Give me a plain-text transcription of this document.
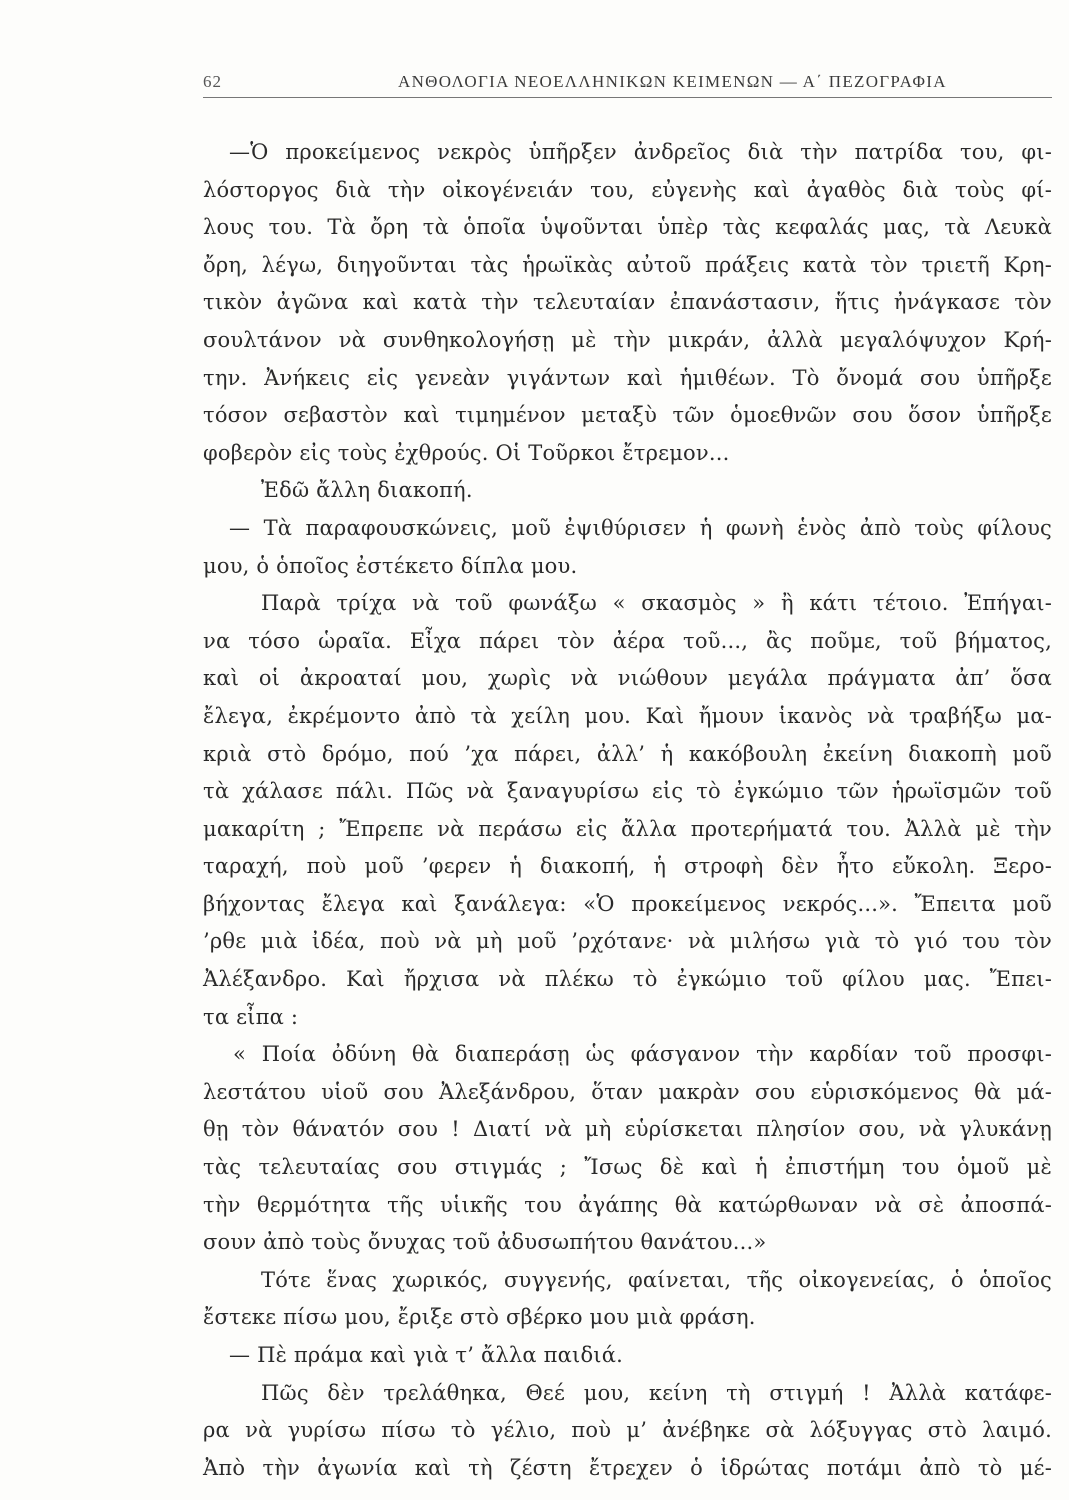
62	ΑΝΘΟΛΟΓΙΑ ΝΕΟΕΛΛΗΝΙΚΩΝ ΚΕΙΜΕΝΩΝ — Α΄ ΠΕΖΟΓΡΑΦΙΑ
—Ὁ προκείμενος νεκρὸς ὑπῆρξεν ἀνδρεῖος διὰ τὴν πατρίδα του, φι-
λόστοργος διὰ τὴν οἰκογένειάν του, εὐγενὴς καὶ ἀγαθὸς διὰ τοὺς φί-
λους του. Τὰ ὄρη τὰ ὁποῖα ὑψοῦνται ὑπὲρ τὰς κεφαλάς μας, τὰ Λευκὰ
ὄρη, λέγω, διηγοῦνται τὰς ἡρωϊκὰς αὐτοῦ πράξεις κατὰ τὸν τριετῆ Κρη-
τικὸν ἀγῶνα καὶ κατὰ τὴν τελευταίαν ἐπανάστασιν, ἥτις ἠνάγκασε τὸν
σουλτάνον νὰ συνθηκολογήσῃ μὲ τὴν μικράν, ἀλλὰ μεγαλόψυχον Κρή-
την. Ἀνήκεις εἰς γενεὰν γιγάντων καὶ ἡμιθέων. Τὸ ὄνομά σου ὑπῆρξε
τόσον σεβαστὸν καὶ τιμημένον μεταξὺ τῶν ὁμοεθνῶν σου ὅσον ὑπῆρξε
φοβερὸν εἰς τοὺς ἐχθρούς. Οἱ Τοῦρκοι ἔτρεμον...
Ἐδῶ ἄλλη διακοπή.
— Τὰ παραφουσκώνεις, μοῦ ἐψιθύρισεν ἡ φωνὴ ἑνὸς ἀπὸ τοὺς φίλους
μου, ὁ ὁποῖος ἐστέκετο δίπλα μου.
Παρὰ τρίχα νὰ τοῦ φωνάξω « σκασμὸς » ἢ κάτι τέτοιο. Ἐπήγαι-
να τόσο ὡραῖα. Εἶχα πάρει τὸν ἀέρα τοῦ..., ἂς ποῦμε, τοῦ βήματος,
καὶ οἱ ἀκροαταί μου, χωρὶς νὰ νιώθουν μεγάλα πράγματα ἀπ’ ὅσα
ἔλεγα, ἐκρέμοντο ἀπὸ τὰ χείλη μου. Καὶ ἤμουν ἱκανὸς νὰ τραβήξω μα-
κριὰ στὸ δρόμο, πού ’χα πάρει, ἀλλ’ ἡ κακόβουλη ἐκείνη διακοπὴ μοῦ
τὰ χάλασε πάλι. Πῶς νὰ ξαναγυρίσω εἰς τὸ ἐγκώμιο τῶν ἡρωϊσμῶν τοῦ
μακαρίτη ; Ἔπρεπε νὰ περάσω εἰς ἄλλα προτερήματά του. Ἀλλὰ μὲ τὴν
ταραχή, ποὺ μοῦ ’φερεν ἡ διακοπή, ἡ στροφὴ δὲν ἦτο εὔκολη. Ξερο-
βήχοντας ἔλεγα καὶ ξανάλεγα: «Ὁ προκείμενος νεκρός...». Ἔπειτα μοῦ
’ρθε μιὰ ἰδέα, ποὺ νὰ μὴ μοῦ ’ρχότανε· νὰ μιλήσω γιὰ τὸ γιό του τὸν
Ἀλέξανδρο. Καὶ ἤρχισα νὰ πλέκω τὸ ἐγκώμιο τοῦ φίλου μας. Ἔπει-
τα εἶπα :
« Ποία ὀδύνη θὰ διαπεράσῃ ὡς φάσγανον τὴν καρδίαν τοῦ προσφι-
λεστάτου υἱοῦ σου Ἀλεξάνδρου, ὅταν μακρὰν σου εὑρισκόμενος θὰ μά-
θῃ τὸν θάνατόν σου ! Διατί νὰ μὴ εὑρίσκεται πλησίον σου, νὰ γλυκάνῃ
τὰς τελευταίας σου στιγμάς ; Ἴσως δὲ καὶ ἡ ἐπιστήμη του ὁμοῦ μὲ
τὴν θερμότητα τῆς υἱικῆς του ἀγάπης θὰ κατώρθωναν νὰ σὲ ἀποσπά-
σουν ἀπὸ τοὺς ὄνυχας τοῦ ἀδυσωπήτου θανάτου...»
Τότε ἕνας χωρικός, συγγενής, φαίνεται, τῆς οἰκογενείας, ὁ ὁποῖος
ἔστεκε πίσω μου, ἔριξε στὸ σβέρκο μου μιὰ φράση.
— Πὲ πράμα καὶ γιὰ τ’ ἄλλα παιδιά.
Πῶς δὲν τρελάθηκα, Θεέ μου, κείνη τὴ στιγμή ! Ἀλλὰ κατάφε-
ρα νὰ γυρίσω πίσω τὸ γέλιο, ποὺ μ’ ἀνέβηκε σὰ λόξυγγας στὸ λαιμό.
Ἀπὸ τὴν ἀγωνία καὶ τὴ ζέστη ἔτρεχεν ὁ ἱδρώτας ποτάμι ἀπὸ τὸ μέ-
